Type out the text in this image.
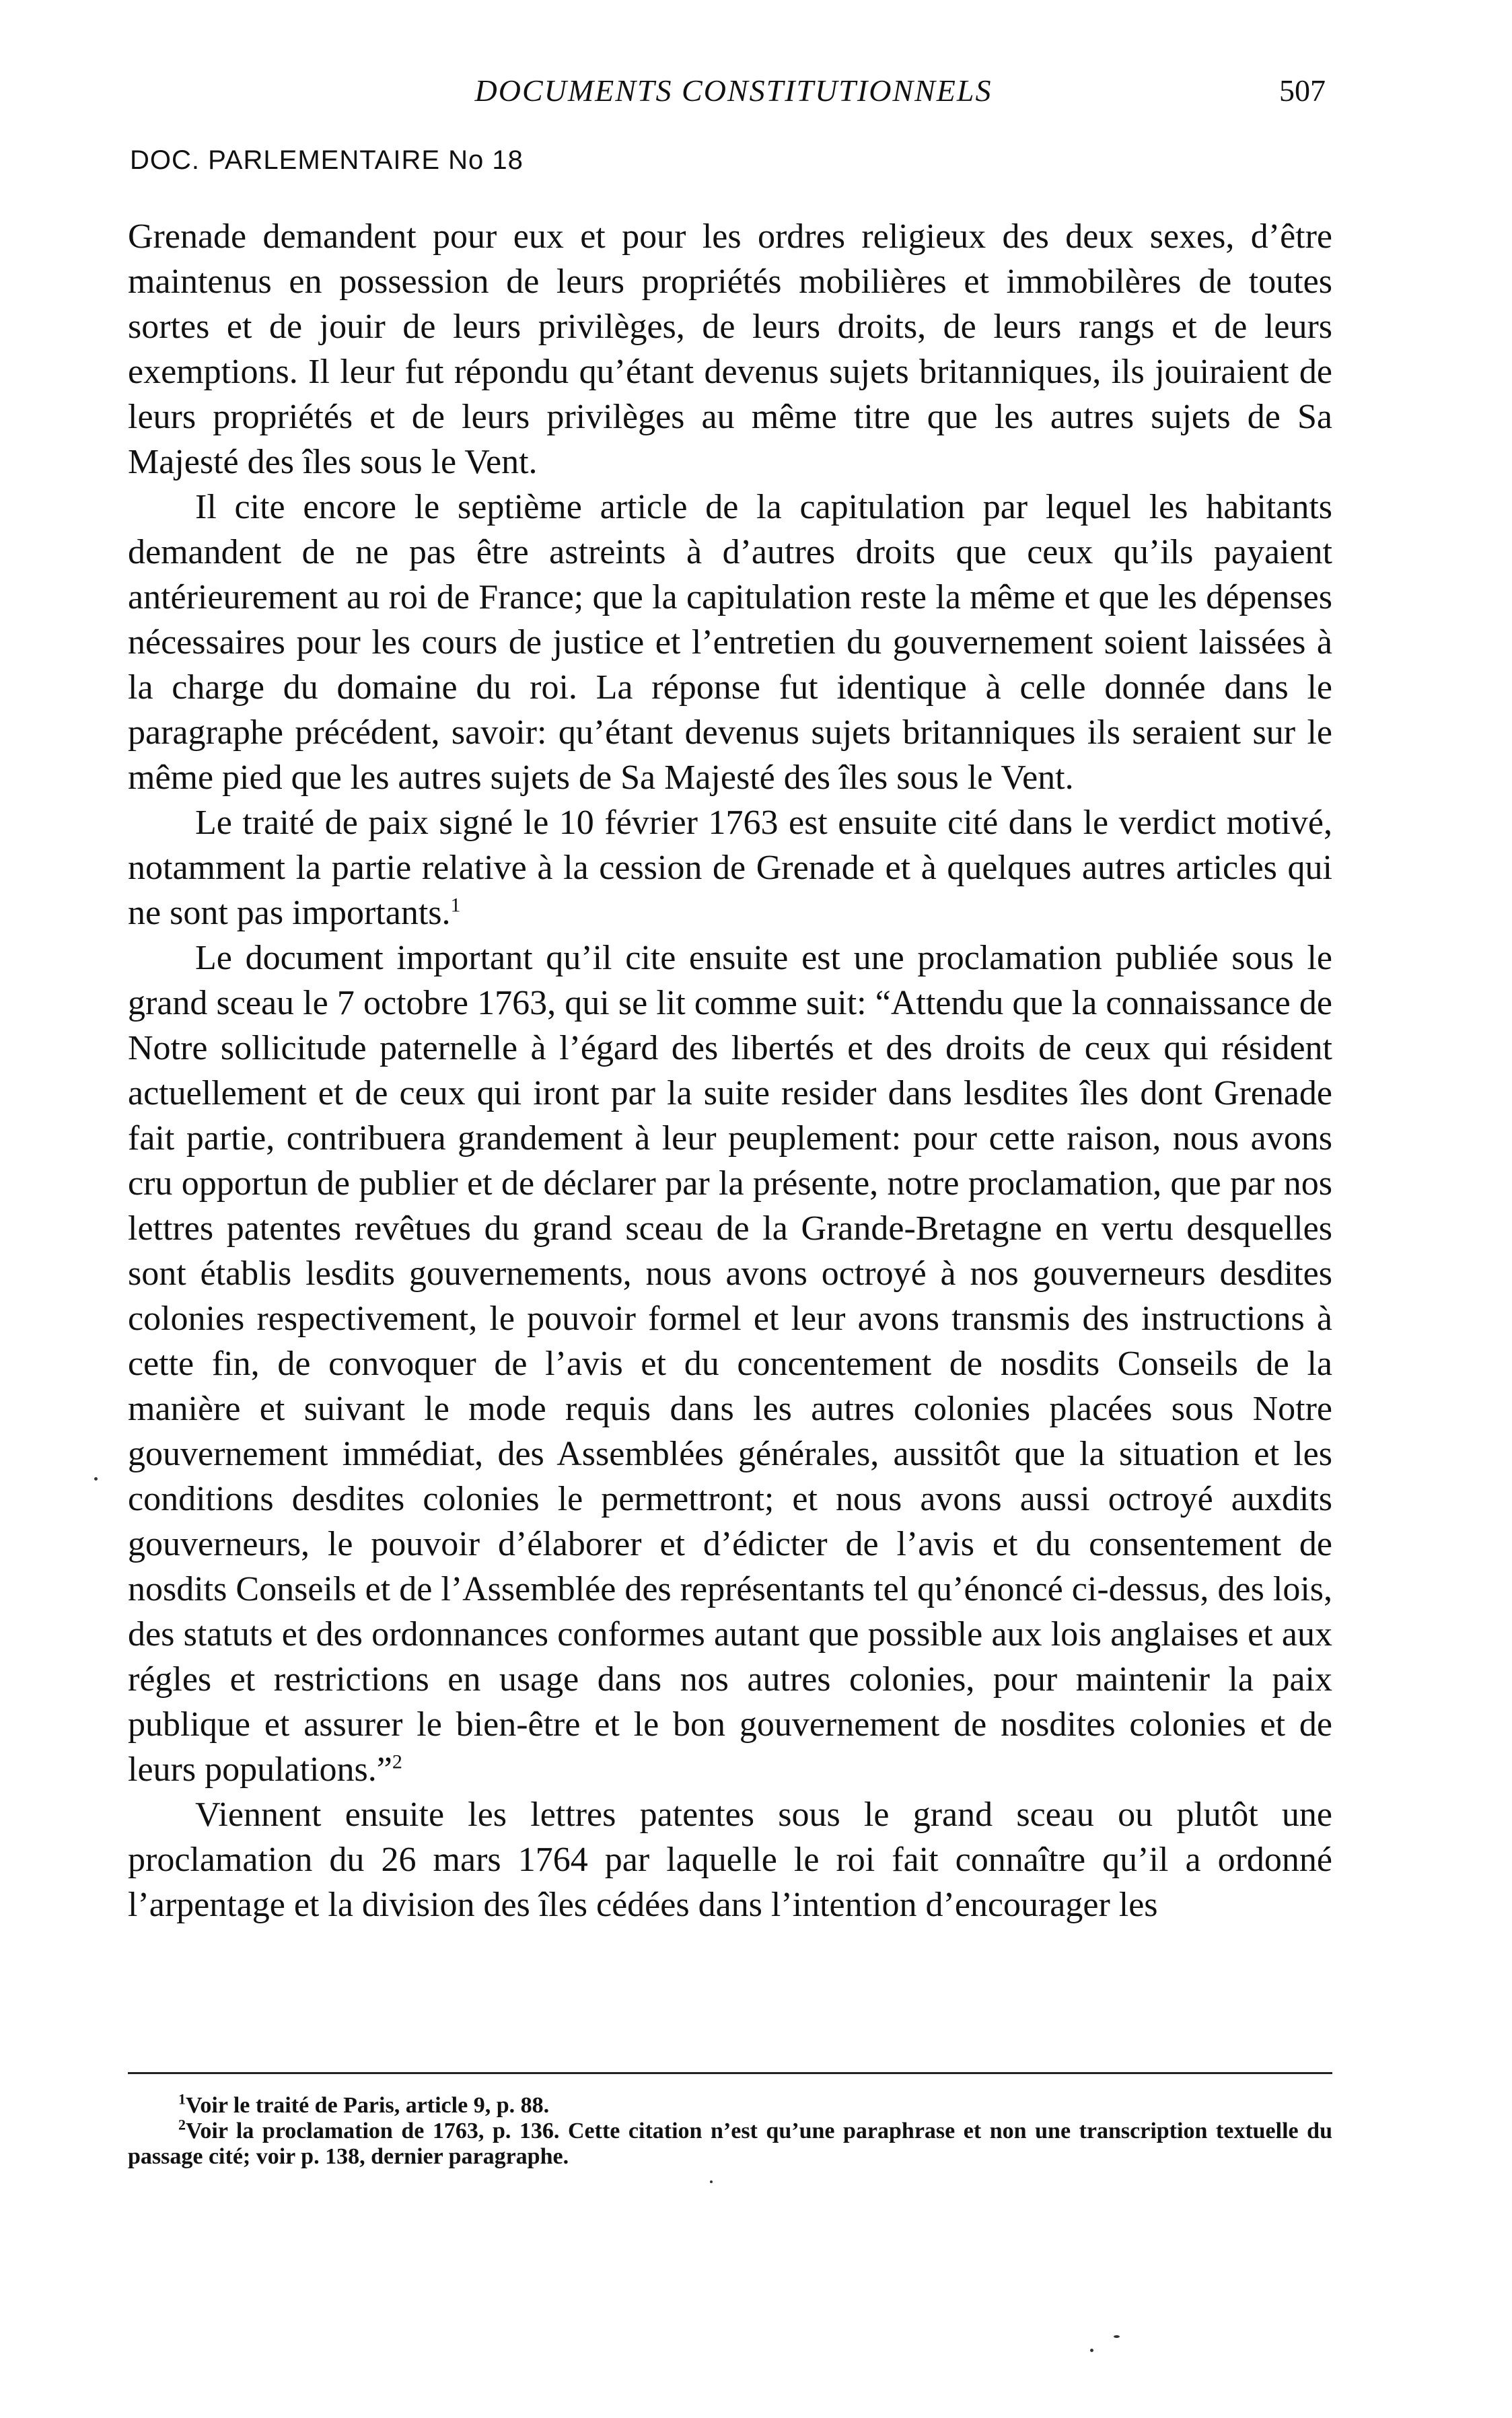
DOCUMENTS CONSTITUTIONNELS	507
DOC. PARLEMENTAIRE No 18

Grenade demandent pour eux et pour les ordres religieux des deux sexes, d’être maintenus en possession de leurs propriétés mobilières et immobilères de toutes sortes et de jouir de leurs privilèges, de leurs droits, de leurs rangs et de leurs exemptions. Il leur fut répondu qu’étant devenus sujets britanniques, ils jouiraient de leurs propriétés et de leurs privilèges au même titre que les autres sujets de Sa Majesté des îles sous le Vent.

Il cite encore le septième article de la capitulation par lequel les habitants demandent de ne pas être astreints à d’autres droits que ceux qu’ils payaient antérieurement au roi de France; que la capitulation reste la même et que les dépenses nécessaires pour les cours de justice et l’entretien du gouvernement soient laissées à la charge du domaine du roi. La réponse fut identique à celle donnée dans le paragraphe précédent, savoir: qu’étant devenus sujets britanniques ils seraient sur le même pied que les autres sujets de Sa Majesté des îles sous le Vent.

Le traité de paix signé le 10 février 1763 est ensuite cité dans le verdict motivé, notamment la partie relative à la cession de Grenade et à quelques autres articles qui ne sont pas importants.$^1$

Le document important qu’il cite ensuite est une proclamation publiée sous le grand sceau le 7 octobre 1763, qui se lit comme suit: “Attendu que la connaissance de Notre sollicitude paternelle à l’égard des libertés et des droits de ceux qui résident actuellement et de ceux qui iront par la suite resider dans lesdites îles dont Grenade fait partie, contribuera grandement à leur peuplement: pour cette raison, nous avons cru opportun de publier et de déclarer par la présente, notre proclamation, que par nos lettres patentes revêtues du grand sceau de la Grande-Bretagne en vertu desquelles sont établis lesdits gouvernements, nous avons octroyé à nos gouverneurs desdites colonies respectivement, le pouvoir formel et leur avons transmis des instructions à cette fin, de convoquer de l’avis et du concentement de nosdits Conseils de la manière et suivant le mode requis dans les autres colonies placées sous Notre gouvernement immédiat, des Assemblées générales, aussitôt que la situation et les conditions desdites colonies le permettront; et nous avons aussi octroyé auxdits gouverneurs, le pouvoir d’élaborer et d’édicter de l’avis et du consentement de nosdits Conseils et de l’Assemblée des représentants tel qu’énoncé ci-dessus, des lois, des statuts et des ordonnances conformes autant que possible aux lois anglaises et aux régles et restrictions en usage dans nos autres colonies, pour maintenir la paix publique et assurer le bien-être et le bon gouvernement de nosdites colonies et de leurs populations.”$^2$

Viennent ensuite les lettres patentes sous le grand sceau ou plutôt une proclamation du 26 mars 1764 par laquelle le roi fait connaître qu’il a ordonné l’arpentage et la division des îles cédées dans l’intention d’encourager les

$^1$Voir le traité de Paris, article 9, p. 88.

$^2$Voir la proclamation de 1763, p. 136. Cette citation n’est qu’une paraphrase et non une transcription textuelle du passage cité; voir p. 138, dernier paragraphe.
